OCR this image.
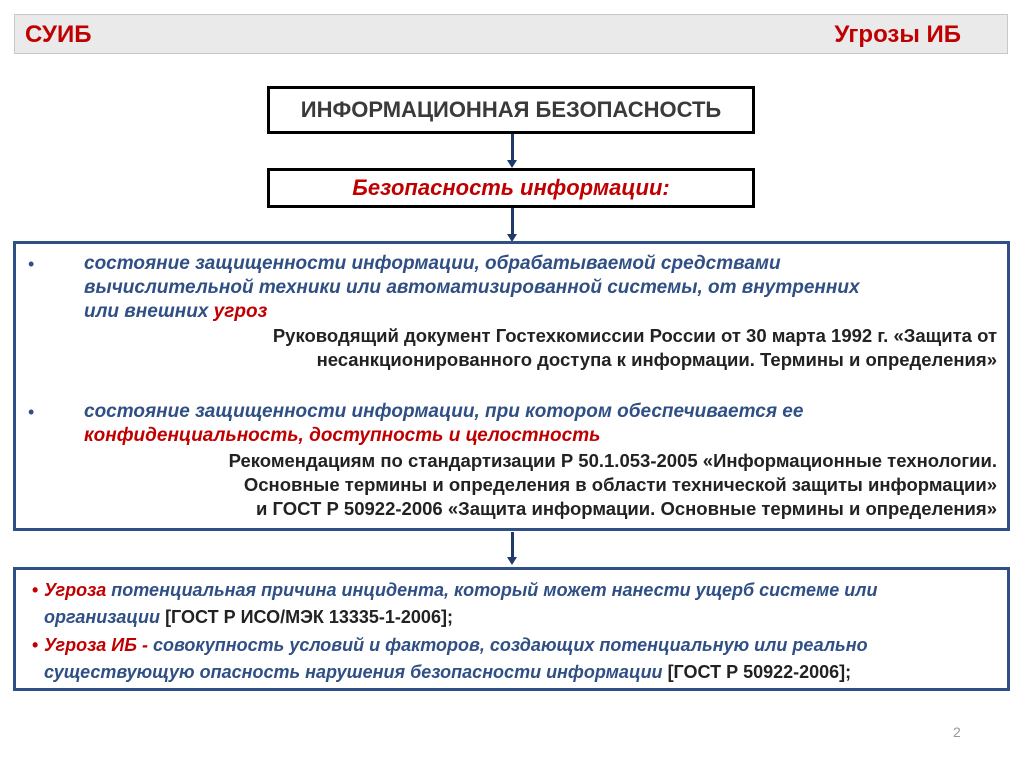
СУИБ	Угрозы ИБ
ИНФОРМАЦИОННАЯ БЕЗОПАСНОСТЬ
Безопасность информации:
•	состояние защищенности информации, обрабатываемой средствами
вычислительной техники или автоматизированной системы, от внутренних
или внешних угроз
Руководящий документ Гостехкомиссии России от 30 марта 1992 г. «Защита от
несанкционированного доступа к информации. Термины и определения»
•	состояние защищенности информации, при котором обеспечивается ее
конфиденциальность, доступность и целостность
Рекомендациям по стандартизации Р 50.1.053-2005 «Информационные технологии.
Основные термины и определения в области технической защиты информации»
и ГОСТ Р 50922-2006 «Защита информации. Основные термины и определения»
• Угроза потенциальная причина инцидента, который может нанести ущерб системе или организации [ГОСТ Р ИСО/МЭК 13335-1-2006];
• Угроза ИБ - совокупность условий и факторов, создающих потенциальную или реально существующую опасность нарушения безопасности информации [ГОСТ Р 50922-2006];
2
